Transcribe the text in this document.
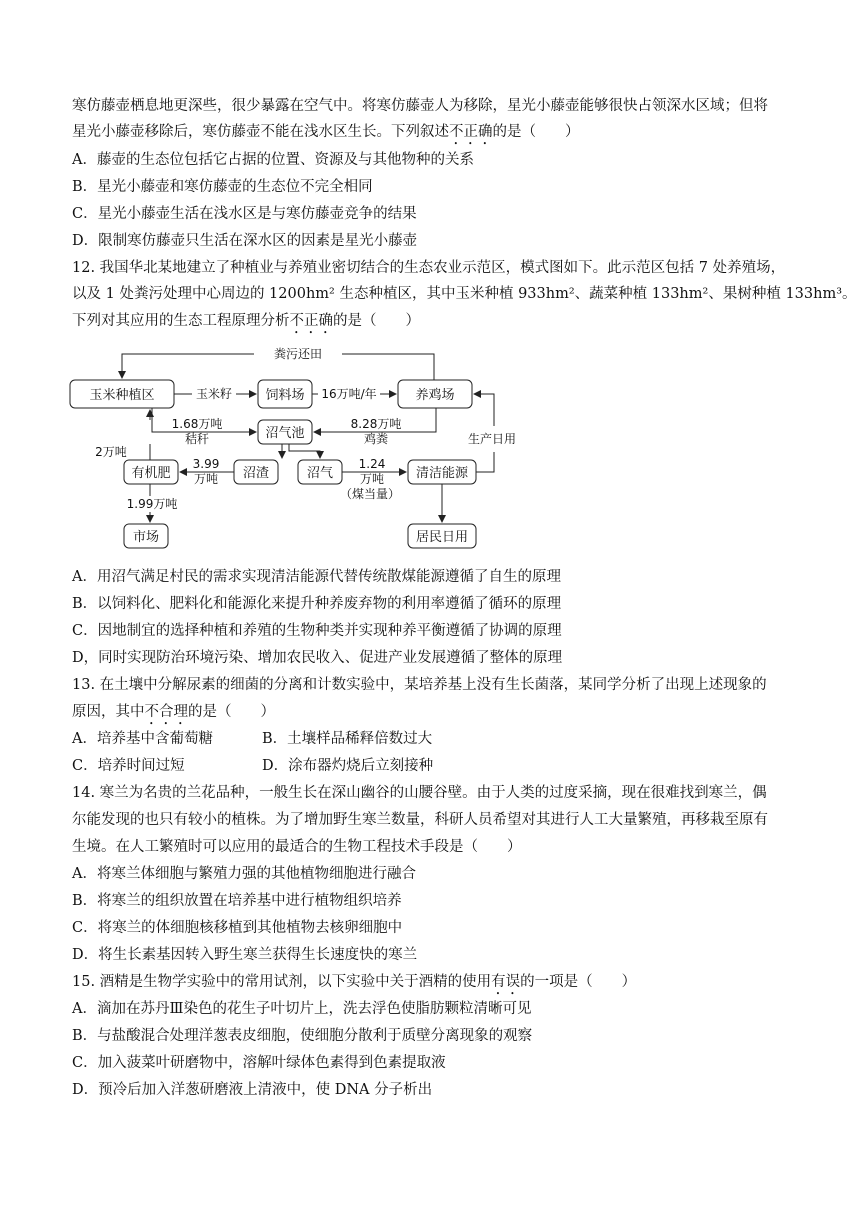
寒仿藤壶栖息地更深些，很少暴露在空气中。将寒仿藤壶人为移除，星光小藤壶能够很快占领深水区域；但将
星光小藤壶移除后，寒仿藤壶不能在浅水区生长。下列叙述不正确的是（　　）
A．藤壶的生态位包括它占据的位置、资源及与其他物种的关系
B．星光小藤壶和寒仿藤壶的生态位不完全相同
C．星光小藤壶生活在浅水区是与寒仿藤壶竞争的结果
D．限制寒仿藤壶只生活在深水区的因素是星光小藤壶
12. 我国华北某地建立了种植业与养殖业密切结合的生态农业示范区，模式图如下。此示范区包括 7 处养殖场，
以及 1 处粪污处理中心周边的 1200hm² 生态种植区，其中玉米种植 933hm²、蔬菜种植 133hm²、果树种植 133hm³。
下列对其应用的生态工程原理分析不正确的是（　　）
玉米种植区	饲料场	养鸡场
沼气池
有机肥	沼渣	沼气	清洁能源
市场	居民日用
粪污还田
玉米籽	16万吨/年
1.68万吨
秸秆
8.28万吨
鸡粪	生产日用
2万吨
3.99
万吨
1.24
万吨
（煤当量）
1.99万吨
A．用沼气满足村民的需求实现清洁能源代替传统散煤能源遵循了自生的原理
B．以饲料化、肥料化和能源化来提升种养废弃物的利用率遵循了循环的原理
C．因地制宜的选择种植和养殖的生物种类并实现种养平衡遵循了协调的原理
D，同时实现防治环境污染、增加农民收入、促进产业发展遵循了整体的原理
13. 在土壤中分解尿素的细菌的分离和计数实验中，某培养基上没有生长菌落，某同学分析了出现上述现象的
原因，其中不合理的是（　　）
A．培养基中含葡萄糖	B．土壤样品稀释倍数过大
C．培养时间过短	D．涂布器灼烧后立刻接种
14. 寒兰为名贵的兰花品种，一般生长在深山幽谷的山腰谷壁。由于人类的过度采摘，现在很难找到寒兰，偶
尔能发现的也只有较小的植株。为了增加野生寒兰数量，科研人员希望对其进行人工大量繁殖，再移栽至原有
生境。在人工繁殖时可以应用的最适合的生物工程技术手段是（　　）
A．将寒兰体细胞与繁殖力强的其他植物细胞进行融合
B．将寒兰的组织放置在培养基中进行植物组织培养
C．将寒兰的体细胞核移植到其他植物去核卵细胞中
D．将生长素基因转入野生寒兰获得生长速度快的寒兰
15. 酒精是生物学实验中的常用试剂，以下实验中关于酒精的使用有误的一项是（　　）
A．滴加在苏丹Ⅲ染色的花生子叶切片上，洗去浮色使脂肪颗粒清晰可见
B．与盐酸混合处理洋葱表皮细胞，使细胞分散利于质壁分离现象的观察
C．加入菠菜叶研磨物中，溶解叶绿体色素得到色素提取液
D．预冷后加入洋葱研磨液上清液中，使 DNA 分子析出
